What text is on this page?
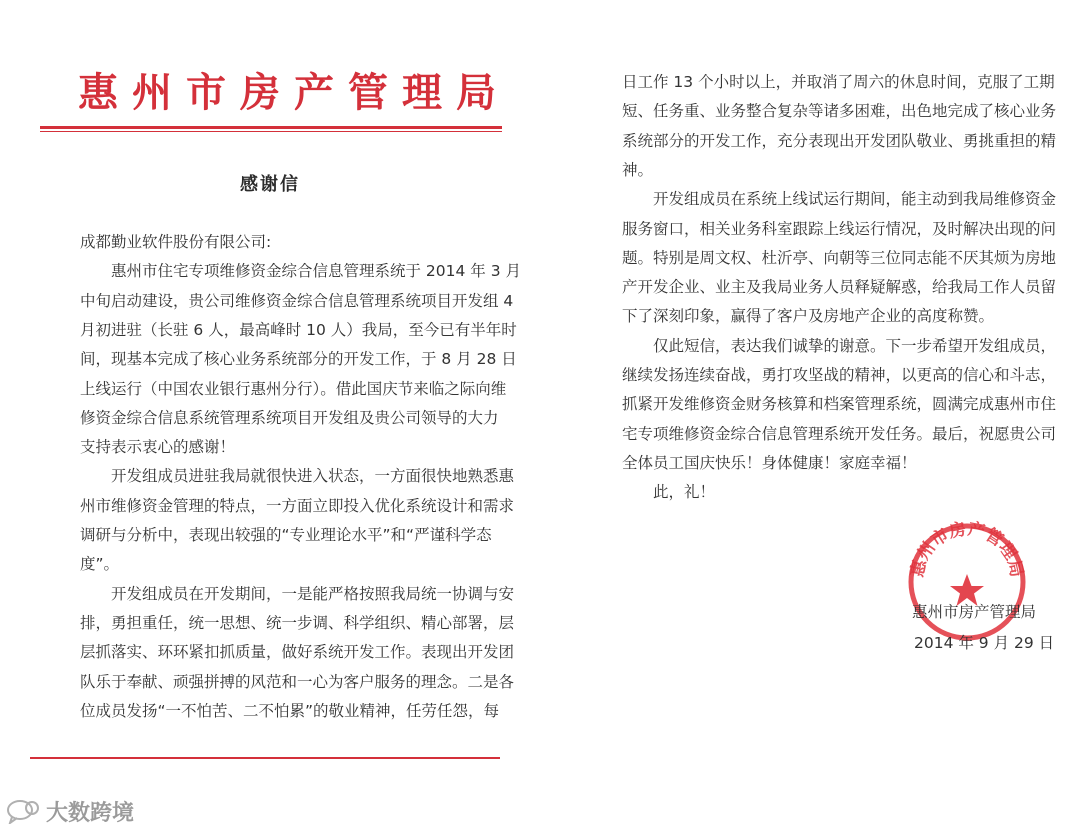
惠州市房产管理局
感谢信
成都勤业软件股份有限公司:
　　惠州市住宅专项维修资金综合信息管理系统于 2014 年 3 月
中旬启动建设，贵公司维修资金综合信息管理系统项目开发组 4
月初进驻（长驻 6 人，最高峰时 10 人）我局，至今已有半年时
间，现基本完成了核心业务系统部分的开发工作，于 8 月 28 日
上线运行（中国农业银行惠州分行）。借此国庆节来临之际向维
修资金综合信息系统管理系统项目开发组及贵公司领导的大力
支持表示衷心的感谢！
　　开发组成员进驻我局就很快进入状态，一方面很快地熟悉惠
州市维修资金管理的特点，一方面立即投入优化系统设计和需求
调研与分析中，表现出较强的“专业理论水平”和“严谨科学态
度”。
　　开发组成员在开发期间，一是能严格按照我局统一协调与安
排，勇担重任，统一思想、统一步调、科学组织、精心部署，层
层抓落实、环环紧扣抓质量，做好系统开发工作。表现出开发团
队乐于奉献、顽强拼搏的风范和一心为客户服务的理念。二是各
位成员发扬“一不怕苦、二不怕累”的敬业精神，任劳任怨，每
日工作 13 个小时以上，并取消了周六的休息时间，克服了工期
短、任务重、业务整合复杂等诸多困难，出色地完成了核心业务
系统部分的开发工作，充分表现出开发团队敬业、勇挑重担的精
神。
　　开发组成员在系统上线试运行期间，能主动到我局维修资金
服务窗口，相关业务科室跟踪上线运行情况，及时解决出现的问
题。特别是周文权、杜沂亭、向朝等三位同志能不厌其烦为房地
产开发企业、业主及我局业务人员释疑解惑，给我局工作人员留
下了深刻印象，赢得了客户及房地产企业的高度称赞。
　　仅此短信，表达我们诚挚的谢意。下一步希望开发组成员，
继续发扬连续奋战，勇打攻坚战的精神，以更高的信心和斗志，
抓紧开发维修资金财务核算和档案管理系统，圆满完成惠州市住
宅专项维修资金综合信息管理系统开发任务。最后，祝愿贵公司
全体员工国庆快乐！身体健康！家庭幸福！
　　此，礼！
惠州市房产管理局
惠州市房产管理局
2014 年 9 月 29 日
大数跨境
